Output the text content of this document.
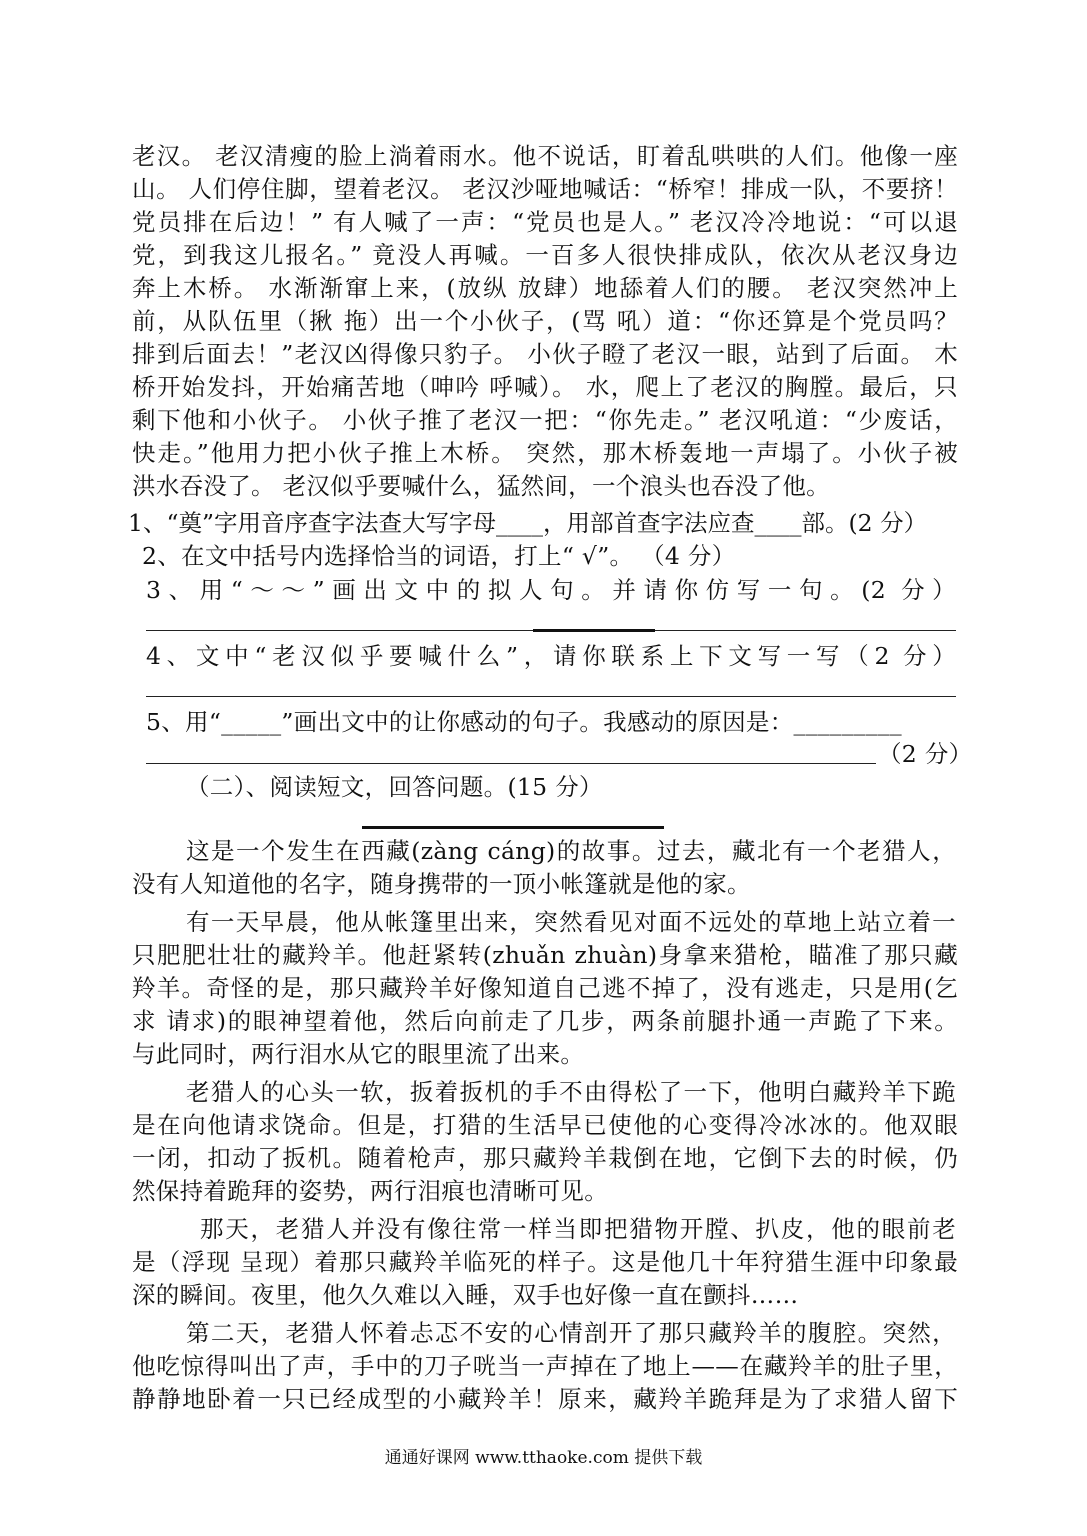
老汉。 老汉清瘦的脸上淌着雨水。他不说话，盯着乱哄哄的人们。他像一座
山。 人们停住脚，望着老汉。 老汉沙哑地喊话：“桥窄！排成一队，不要挤！
党员排在后边！” 有人喊了一声：“党员也是人。” 老汉冷冷地说：“可以退
党，到我这儿报名。” 竟没人再喊。一百多人很快排成队，依次从老汉身边
奔上木桥。 水渐渐窜上来，(放纵 放肆）地舔着人们的腰。 老汉突然冲上
前，从队伍里（揪 拖）出一个小伙子，(骂 吼）道：“你还算是个党员吗？
排到后面去！”老汉凶得像只豹子。 小伙子瞪了老汉一眼，站到了后面。 木
桥开始发抖，开始痛苦地（呻吟 呼喊）。 水，爬上了老汉的胸膛。最后，只
剩下他和小伙子。 小伙子推了老汉一把：“你先走。” 老汉吼道：“少废话，
快走。”他用力把小伙子推上木桥。 突然，那木桥轰地一声塌了。小伙子被
洪水吞没了。 老汉似乎要喊什么，猛然间，一个浪头也吞没了他。
1、“奠”字用音序查字法查大写字母____，用部首查字法应查____部。(2 分）
2、在文中括号内选择恰当的词语，打上“ √”。 （4 分）
3、用“～～”画出文中的拟人句。并请你仿写一句。(2 分）
4、文中“老汉似乎要喊什么”，请你联系上下文写一写（2 分）
5、用“_____”画出文中的让你感动的句子。我感动的原因是：_________
（2 分）
（二）、阅读短文，回答问题。(15 分）
这是一个发生在西藏(zàng cáng)的故事。过去，藏北有一个老猎人，
没有人知道他的名字，随身携带的一顶小帐篷就是他的家。
有一天早晨，他从帐篷里出来，突然看见对面不远处的草地上站立着一
只肥肥壮壮的藏羚羊。他赶紧转(zhuǎn zhuàn)身拿来猎枪，瞄准了那只藏
羚羊。奇怪的是，那只藏羚羊好像知道自己逃不掉了，没有逃走，只是用(乞
求 请求)的眼神望着他，然后向前走了几步，两条前腿扑通一声跪了下来。
与此同时，两行泪水从它的眼里流了出来。
老猎人的心头一软，扳着扳机的手不由得松了一下，他明白藏羚羊下跪
是在向他请求饶命。但是，打猎的生活早已使他的心变得冷冰冰的。他双眼
一闭，扣动了扳机。随着枪声，那只藏羚羊栽倒在地，它倒下去的时候，仍
然保持着跪拜的姿势，两行泪痕也清晰可见。
那天，老猎人并没有像往常一样当即把猎物开膛、扒皮，他的眼前老
是（浮现 呈现）着那只藏羚羊临死的样子。这是他几十年狩猎生涯中印象最
深的瞬间。夜里，他久久难以入睡，双手也好像一直在颤抖……
第二天，老猎人怀着忐忑不安的心情剖开了那只藏羚羊的腹腔。突然，
他吃惊得叫出了声，手中的刀子咣当一声掉在了地上——在藏羚羊的肚子里，
静静地卧着一只已经成型的小藏羚羊！原来，藏羚羊跪拜是为了求猎人留下
通通好课网 www.tthaoke.com 提供下载
